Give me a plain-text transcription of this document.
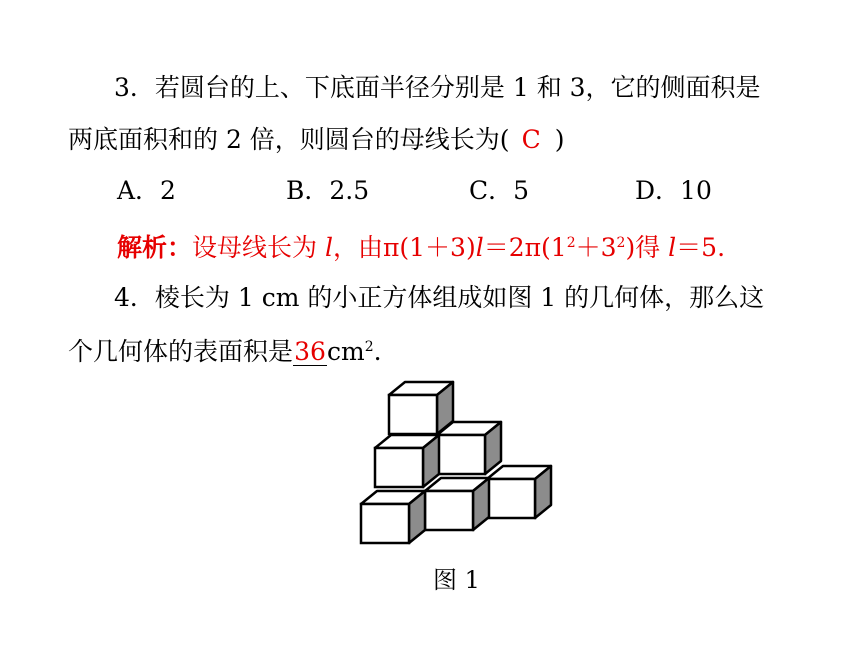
3．若圆台的上、下底面半径分别是 1 和 3，它的侧面积是
两底面积和的 2 倍，则圆台的母线长为( C )
A．2	B．2.5	C．5	D．10
解析：设母线长为 l，由$\pi(1+3)l=2\pi(1^2+3^2)$得 l＝5.
4．棱长为 1 cm 的小正方体组成如图 1 的几何体，那么这
个几何体的表面积是$36cm^2$.
图 1
